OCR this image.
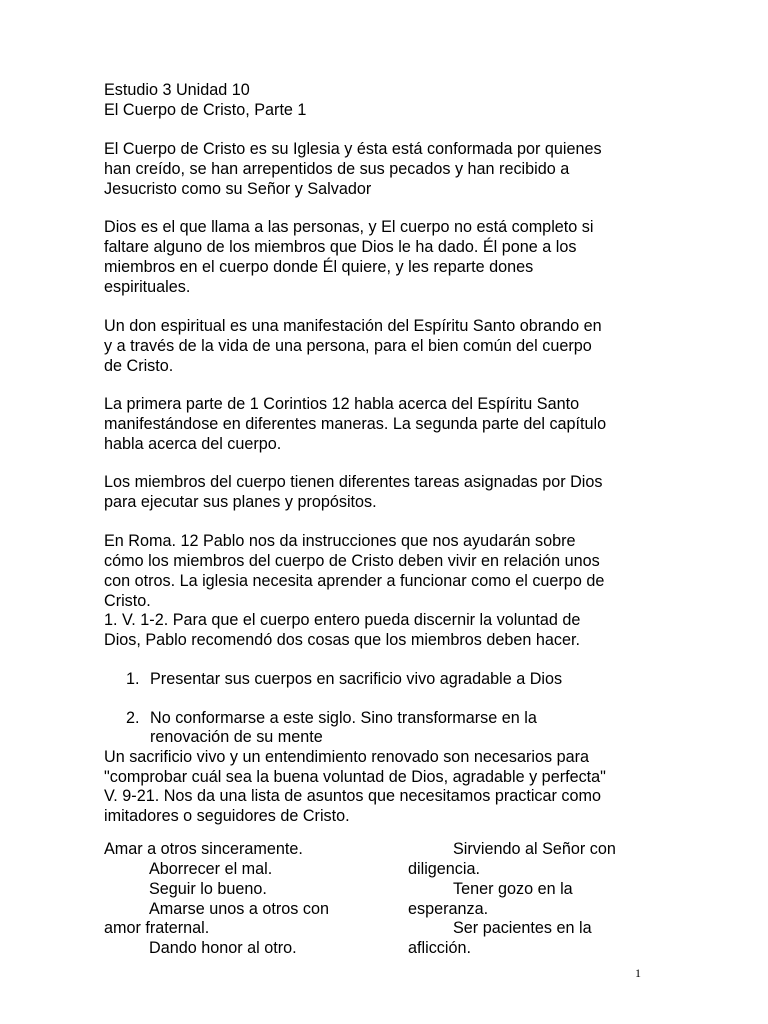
Estudio 3 Unidad 10
El Cuerpo de Cristo, Parte 1
El Cuerpo de Cristo es su Iglesia y ésta está conformada por quienes
han creído, se han arrepentidos de sus pecados y han recibido a
Jesucristo como su Señor y Salvador
Dios es el que llama a las personas, y El cuerpo no está completo si
faltare alguno de los miembros que Dios le ha dado. Él pone a los
miembros en el cuerpo donde Él quiere, y les reparte dones
espirituales.
Un don espiritual es una manifestación del Espíritu Santo obrando en
y a través de la vida de una persona, para el bien común del cuerpo
de Cristo.
La primera parte de 1 Corintios 12 habla acerca del Espíritu Santo
manifestándose en diferentes maneras. La segunda parte del capítulo
habla acerca del cuerpo.
Los miembros del cuerpo tienen diferentes tareas asignadas por Dios
para ejecutar sus planes y propósitos.
En Roma. 12 Pablo nos da instrucciones que nos ayudarán sobre
cómo los miembros del cuerpo de Cristo deben vivir en relación unos
con otros. La iglesia necesita aprender a funcionar como el cuerpo de
Cristo.
1. V. 1-2. Para que el cuerpo entero pueda discernir la voluntad de
Dios, Pablo recomendó dos cosas que los miembros deben hacer.
1. Presentar sus cuerpos en sacrificio vivo agradable a Dios
2. No conformarse a este siglo. Sino transformarse en la
renovación de su mente
Un sacrificio vivo y un entendimiento renovado son necesarios para
"comprobar cuál sea la buena voluntad de Dios, agradable y perfecta"
V. 9-21. Nos da una lista de asuntos que necesitamos practicar como
imitadores o seguidores de Cristo.
Amar a otros sinceramente.
Aborrecer el mal.
Seguir lo bueno.
Amarse unos a otros con
amor fraternal.
Dando honor al otro.
Sirviendo al Señor con
diligencia.
Tener gozo en la
esperanza.
Ser pacientes en la
aflicción.
1
